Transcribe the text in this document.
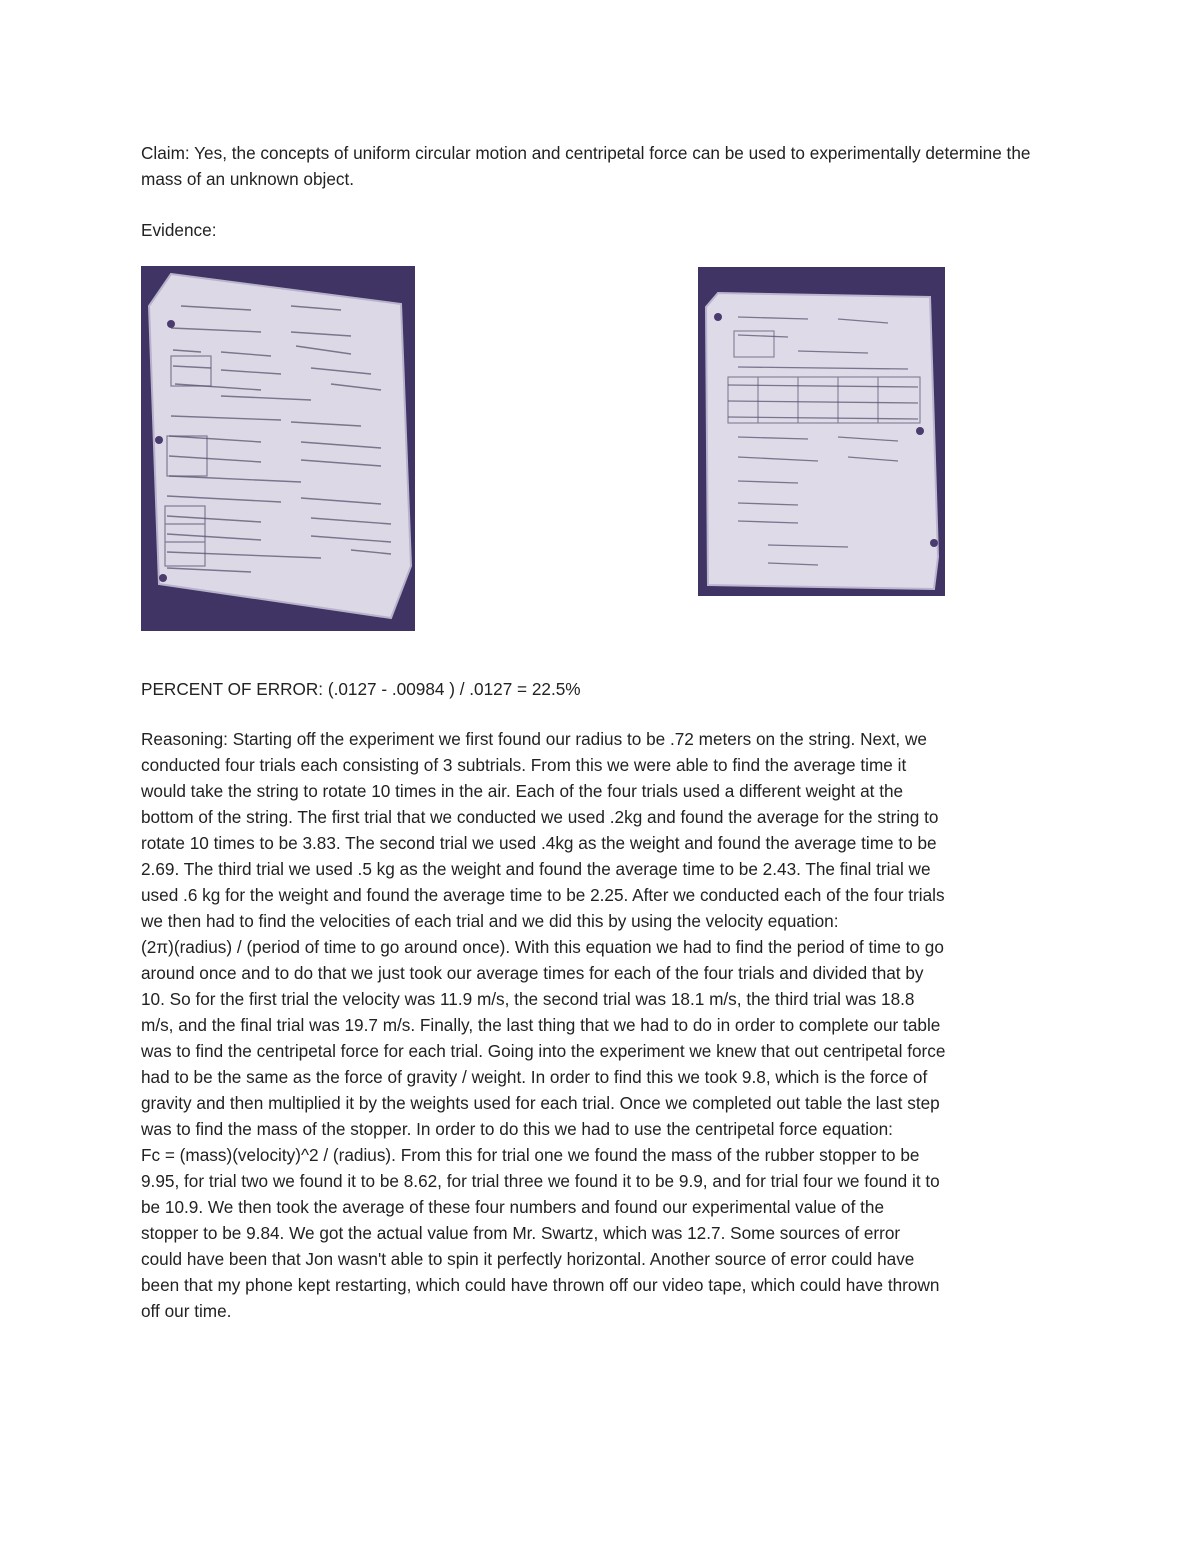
Claim: Yes, the concepts of uniform circular motion and centripetal force can be used to experimentally determine the mass of an unknown object.

Evidence:

PERCENT OF ERROR: (.0127 - .00984 ) / .0127 = 22.5%

Reasoning: Starting off the experiment we first found our radius to be .72 meters on the string. Next, we
conducted four trials each consisting of 3 subtrials. From this we were able to find the average time it
would take the string to rotate 10 times in the air. Each of the four trials used a different weight at the
bottom of the string. The first trial that we conducted we used .2kg and found the average for the string to
rotate 10 times to be 3.83. The second trial we used .4kg as the weight and found the average time to be
2.69. The third trial we used .5 kg as the weight and found the average time to be 2.43. The final trial we
used .6 kg for the weight and found the average time to be 2.25. After we conducted each of the four trials
we then had to find the velocities of each trial and we did this by using the velocity equation:
(2π)(radius) / (period of time to go around once). With this equation we had to find the period of time to go
around once and to do that we just took our average times for each of the four trials and divided that by
10. So for the first trial the velocity was 11.9 m/s, the second trial was 18.1 m/s, the third trial was 18.8
m/s, and the final trial was 19.7 m/s. Finally, the last thing that we had to do in order to complete our table
was to find the centripetal force for each trial. Going into the experiment we knew that out centripetal force
had to be the same as the force of gravity / weight. In order to find this we took 9.8, which is the force of
gravity and then multiplied it by the weights used for each trial. Once we completed out table the last step
was to find the mass of the stopper. In order to do this we had to use the centripetal force equation:
Fc = (mass)(velocity)^2 / (radius). From this for trial one we found the mass of the rubber stopper to be
9.95, for trial two we found it to be 8.62, for trial three we found it to be 9.9, and for trial four we found it to
be 10.9. We then took the average of these four numbers and found our experimental value of the
stopper to be 9.84. We got the actual value from Mr. Swartz, which was 12.7. Some sources of error
could have been that Jon wasn't able to spin it perfectly horizontal. Another source of error could have
been that my phone kept restarting, which could have thrown off our video tape, which could have thrown
off our time.
